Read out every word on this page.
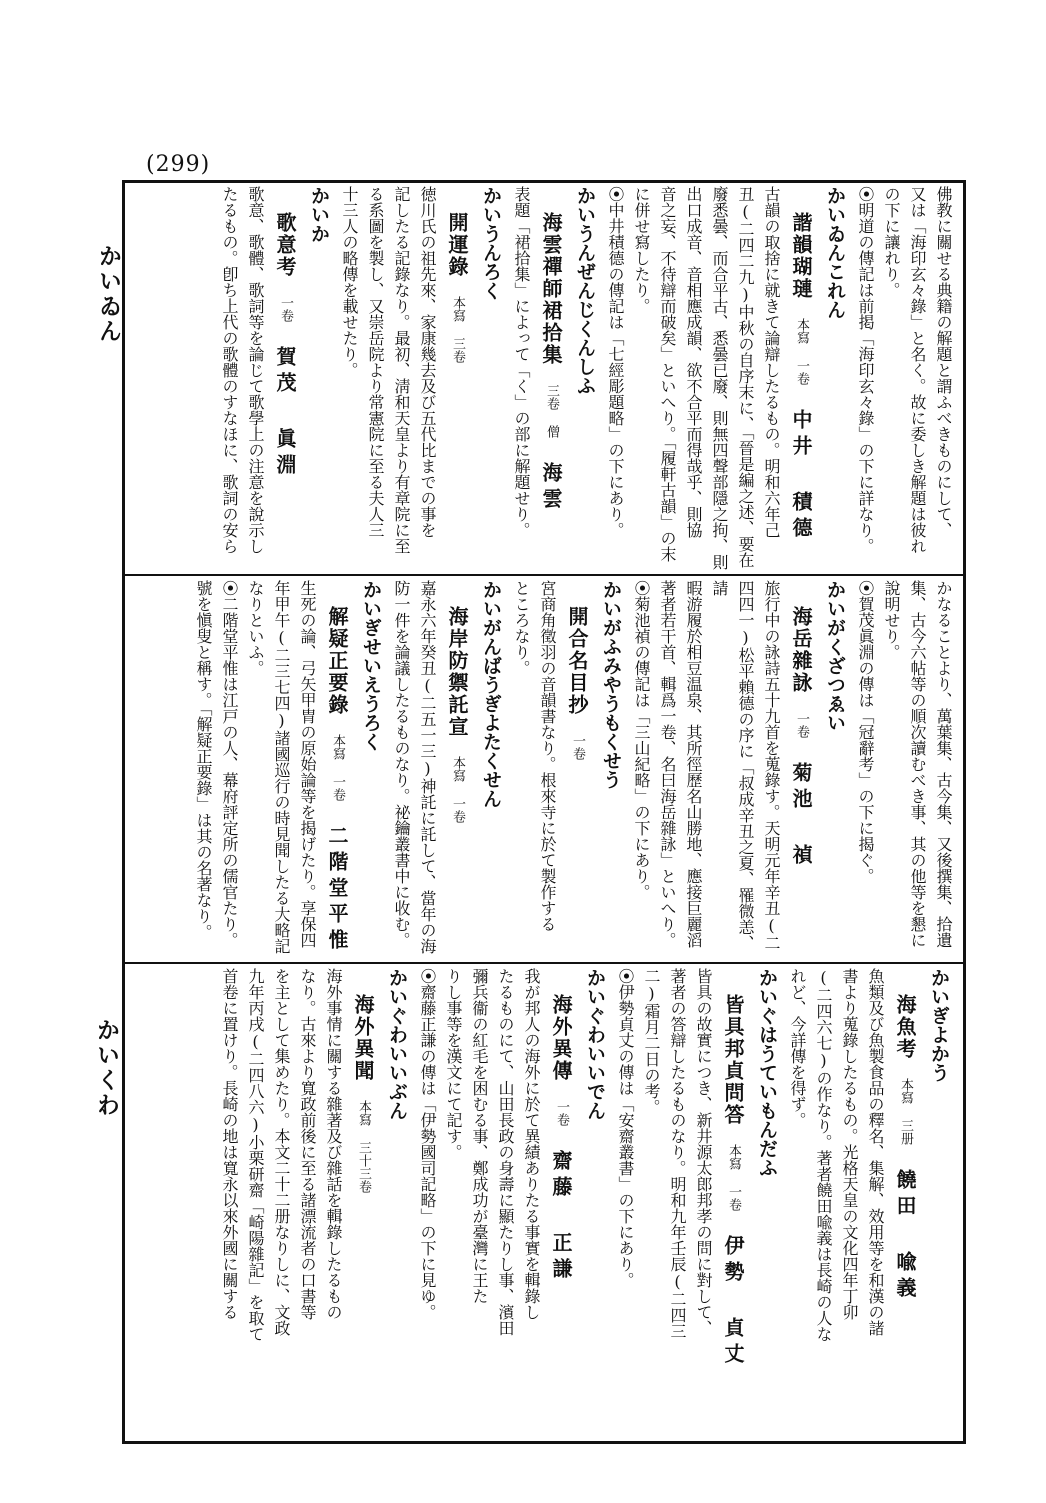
(299)
かいゐん
かいくわ
佛教に關せる典籍の解題と謂ふべきものにして、
又は「海印玄々錄」と名く。故に委しき解題は彼れ
の下に讓れり。
⦿明道の傳記は前掲「海印玄々錄」の下に詳なり。
かいゐんこれん
諧韻瑚璉本寫 一卷中井 積德
古韻の取捨に就きて論辯したるもの。明和六年己
丑(二四二九)中秋の自序末に、「晉是編之述、要在
廢悉曇、而合平古、悉曇已廢、則無四聲部隱之拘、則
出口成音、音相應成韻、欲不合平而得哉乎、則協
音之妄、不待辯而破矣」といへり。「履軒古韻」の末
に併せ寫したり。
⦿中井積德の傳記は「七經彫題略」の下にあり。
かいうんぜんじくんしふ
海雲禪師裙拾集三卷 僧海雲
表題「裙拾集」によって「く」の部に解題せり。
かいうんろく
開運錄本寫 三卷
徳川氏の祖先來、家康幾去及び五代比までの事を
記したる記錄なり。最初、淸和天皇より有章院に至
る系圖を製し、又崇岳院より常憲院に至る夫人三
十三人の略傳を載せたり。
かいか
歌意考一卷賀茂 眞淵
歌意、歌體、歌詞等を論じて歌學上の注意を說示し
たるもの。卽ち上代の歌體のすなほに、歌詞の安ら
かなることより、萬葉集、古今集、又後撰集、拾遺
集、古今六帖等の順次讀むべき事、其の他等を懇に
說明せり。
⦿賀茂眞淵の傳は「冠辭考」の下に揭ぐ。
かいがくざつゑい
海岳雜詠一卷菊池 禎
旅行中の詠詩五十九首を蒐錄す。天明元年辛丑(二
四四一)松平賴德の序に「叔成辛丑之夏、罹微恙、請
暇游履於相豆温泉、其所徑歷名山勝地、應接巨麗滔
著者若干首、輯爲一卷、名曰海岳雜詠」といへり。
⦿菊池禎の傳記は「三山紀略」の下にあり。
かいがふみやうもくせう
開合名目抄一卷
宮商角徵羽の音韻書なり。根來寺に於て製作する
ところなり。
かいがんばうぎよたくせん
海岸防禦託宣本寫 一卷
嘉永六年癸丑(二五一三)神託に託して、當年の海
防一件を論議したるものなり。祕鑰叢書中に收む。
かいぎせいえうろく
解疑正要錄本寫 一卷二階堂平惟
生死の論、弓矢甲胄の原始論等を揭げたり。享保四
年甲午(二三七四)諸國巡行の時見聞したる大略記
なりといふ。
⦿二階堂平惟は江戸の人、幕府評定所の儒官たり。
號を愼叟と稱す。「解疑正要錄」は其の名著なり。
かいぎよかう
海魚考本寫 三册饒田 喩義
魚類及び魚製食品の釋名、集解、效用等を和漢の諸
書より蒐錄したるもの。光格天皇の文化四年丁卯
(二四六七)の作なり。著者饒田喩義は長崎の人な
れど、今詳傳を得ず。
かいぐはうていもんだふ
皆具邦貞問答本寫 一卷伊勢 貞丈
皆具の故實につき、新井源太郎邦孝の問に對して、
著者の答辯したるものなり。明和九年壬辰(二四三
二)霜月二日の考。
⦿伊勢貞丈の傳は「安齋叢書」の下にあり。
かいぐわいいでん
海外異傳一卷齋藤 正謙
我が邦人の海外に於て異績ありたる事實を輯錄し
たるものにて、山田長政の身壽に顯たりし事、濱田
彌兵衞の紅毛を困むる事、鄭成功が臺灣に王た
りし事等を漢文にて記す。
⦿齋藤正謙の傳は「伊勢國司記略」の下に見ゆ。
かいぐわいいぶん
海外異聞本寫 三十三卷
海外事情に關する雜著及び雜話を輯錄したるもの
なり。古來より寬政前後に至る諸漂流者の口書等
を主として集めたり。本文二十二册なりしに、文政
九年丙戌(二四八六)小栗研齋「崎陽雜記」を取て
首卷に置けり。長崎の地は寬永以來外國に關する
